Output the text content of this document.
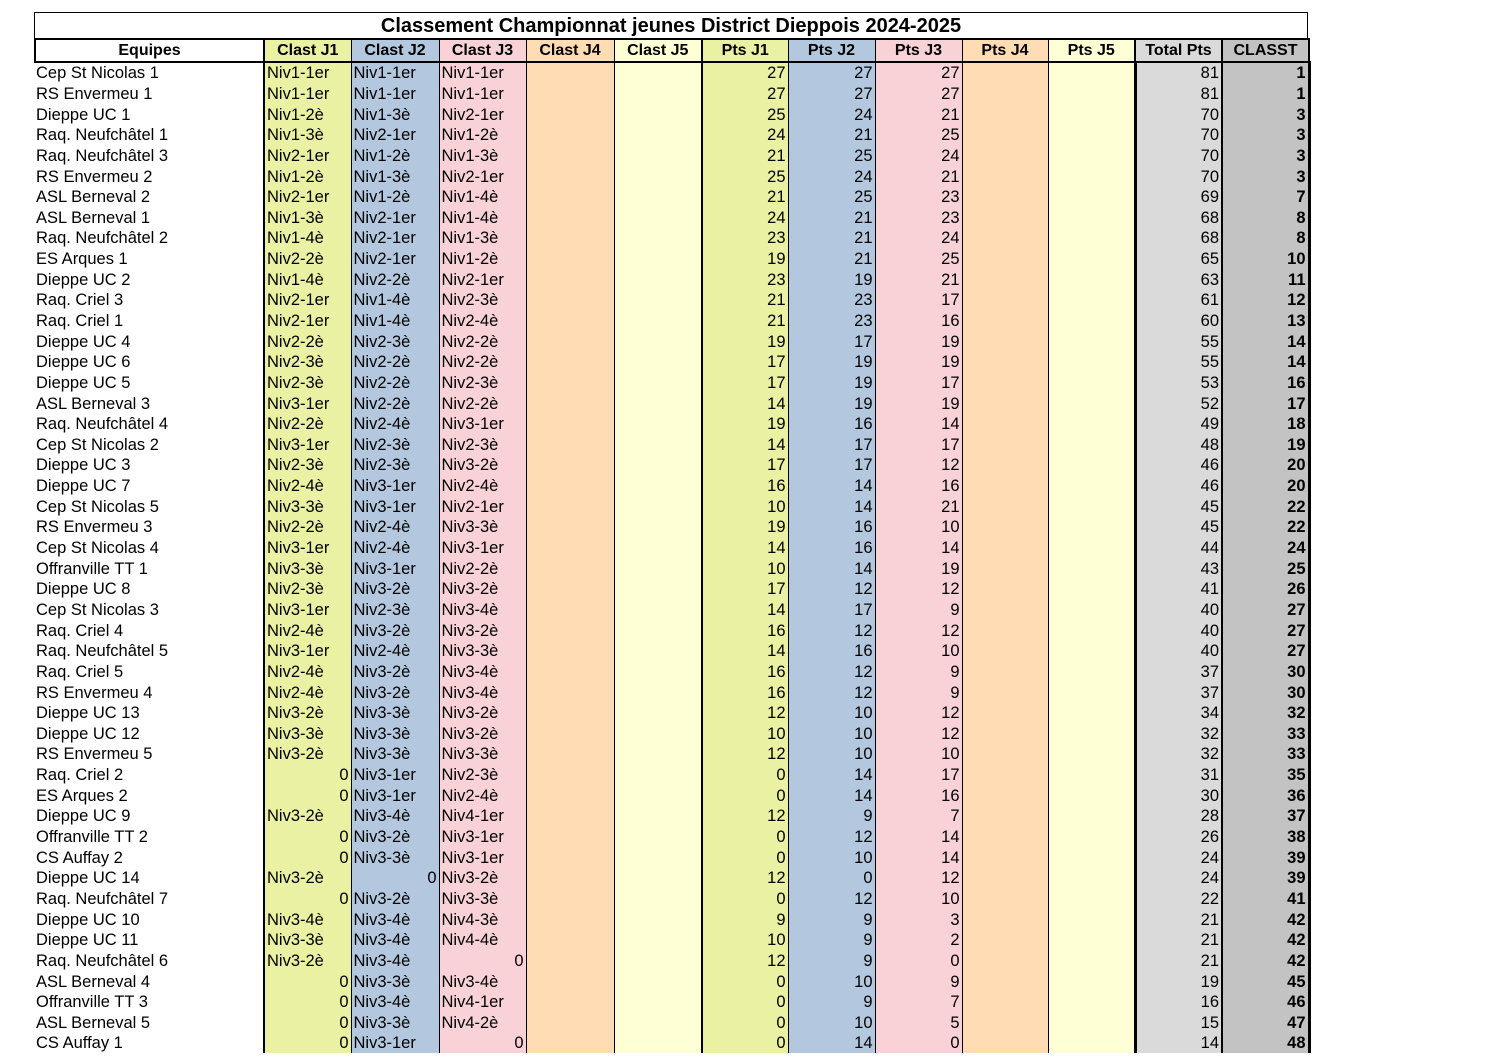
Classement Championnat jeunes District Dieppois 2024-2025
Equipes	Clast J1	Clast J2	Clast J3	Clast J4	Clast J5	Pts J1	Pts J2	Pts J3	Pts J4	Pts J5	Total Pts	CLASST
Cep St Nicolas 1	Niv1-1er	Niv1-1er	Niv1-1er			27	27	27			81	1
RS Envermeu 1	Niv1-1er	Niv1-1er	Niv1-1er			27	27	27			81	1
Dieppe UC 1	Niv1-2è	Niv1-3è	Niv2-1er			25	24	21			70	3
Raq. Neufchâtel 1	Niv1-3è	Niv2-1er	Niv1-2è			24	21	25			70	3
Raq. Neufchâtel 3	Niv2-1er	Niv1-2è	Niv1-3è			21	25	24			70	3
RS Envermeu 2	Niv1-2è	Niv1-3è	Niv2-1er			25	24	21			70	3
ASL Berneval 2	Niv2-1er	Niv1-2è	Niv1-4è			21	25	23			69	7
ASL Berneval 1	Niv1-3è	Niv2-1er	Niv1-4è			24	21	23			68	8
Raq. Neufchâtel 2	Niv1-4è	Niv2-1er	Niv1-3è			23	21	24			68	8
ES Arques 1	Niv2-2è	Niv2-1er	Niv1-2è			19	21	25			65	10
Dieppe UC 2	Niv1-4è	Niv2-2è	Niv2-1er			23	19	21			63	11
Raq. Criel 3	Niv2-1er	Niv1-4è	Niv2-3è			21	23	17			61	12
Raq. Criel 1	Niv2-1er	Niv1-4è	Niv2-4è			21	23	16			60	13
Dieppe UC 4	Niv2-2è	Niv2-3è	Niv2-2è			19	17	19			55	14
Dieppe UC 6	Niv2-3è	Niv2-2è	Niv2-2è			17	19	19			55	14
Dieppe UC 5	Niv2-3è	Niv2-2è	Niv2-3è			17	19	17			53	16
ASL Berneval 3	Niv3-1er	Niv2-2è	Niv2-2è			14	19	19			52	17
Raq. Neufchâtel 4	Niv2-2è	Niv2-4è	Niv3-1er			19	16	14			49	18
Cep St Nicolas 2	Niv3-1er	Niv2-3è	Niv2-3è			14	17	17			48	19
Dieppe UC 3	Niv2-3è	Niv2-3è	Niv3-2è			17	17	12			46	20
Dieppe UC 7	Niv2-4è	Niv3-1er	Niv2-4è			16	14	16			46	20
Cep St Nicolas 5	Niv3-3è	Niv3-1er	Niv2-1er			10	14	21			45	22
RS Envermeu 3	Niv2-2è	Niv2-4è	Niv3-3è			19	16	10			45	22
Cep St Nicolas 4	Niv3-1er	Niv2-4è	Niv3-1er			14	16	14			44	24
Offranville TT 1	Niv3-3è	Niv3-1er	Niv2-2è			10	14	19			43	25
Dieppe UC 8	Niv2-3è	Niv3-2è	Niv3-2è			17	12	12			41	26
Cep St Nicolas 3	Niv3-1er	Niv2-3è	Niv3-4è			14	17	9			40	27
Raq. Criel 4	Niv2-4è	Niv3-2è	Niv3-2è			16	12	12			40	27
Raq. Neufchâtel 5	Niv3-1er	Niv2-4è	Niv3-3è			14	16	10			40	27
Raq. Criel 5	Niv2-4è	Niv3-2è	Niv3-4è			16	12	9			37	30
RS Envermeu 4	Niv2-4è	Niv3-2è	Niv3-4è			16	12	9			37	30
Dieppe UC 13	Niv3-2è	Niv3-3è	Niv3-2è			12	10	12			34	32
Dieppe UC 12	Niv3-3è	Niv3-3è	Niv3-2è			10	10	12			32	33
RS Envermeu 5	Niv3-2è	Niv3-3è	Niv3-3è			12	10	10			32	33
Raq. Criel 2	0	Niv3-1er	Niv2-3è			0	14	17			31	35
ES Arques 2	0	Niv3-1er	Niv2-4è			0	14	16			30	36
Dieppe UC 9	Niv3-2è	Niv3-4è	Niv4-1er			12	9	7			28	37
Offranville TT 2	0	Niv3-2è	Niv3-1er			0	12	14			26	38
CS Auffay 2	0	Niv3-3è	Niv3-1er			0	10	14			24	39
Dieppe UC 14	Niv3-2è	0	Niv3-2è			12	0	12			24	39
Raq. Neufchâtel 7	0	Niv3-2è	Niv3-3è			0	12	10			22	41
Dieppe UC 10	Niv3-4è	Niv3-4è	Niv4-3è			9	9	3			21	42
Dieppe UC 11	Niv3-3è	Niv3-4è	Niv4-4è			10	9	2			21	42
Raq. Neufchâtel 6	Niv3-2è	Niv3-4è	0			12	9	0			21	42
ASL Berneval 4	0	Niv3-3è	Niv3-4è			0	10	9			19	45
Offranville TT 3	0	Niv3-4è	Niv4-1er			0	9	7			16	46
ASL Berneval 5	0	Niv3-3è	Niv4-2è			0	10	5			15	47
CS Auffay 1	0	Niv3-1er	0			0	14	0			14	48
